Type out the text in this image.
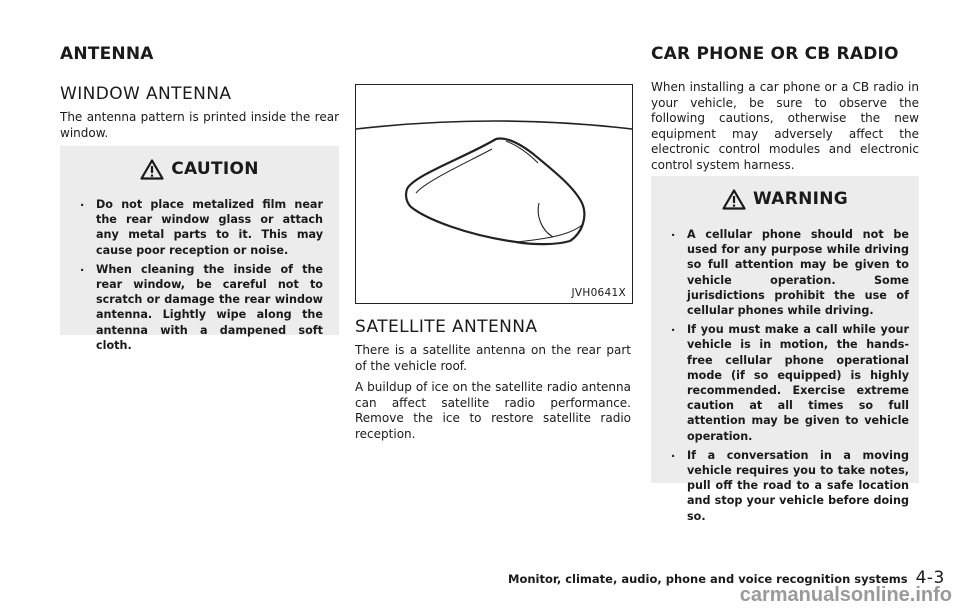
ANTENNA	CAR PHONE OR CB RADIO
WINDOW ANTENNA

The antenna pattern is printed inside the rear window.

CAUTION
. Do not place metalized film near the rear window glass or attach any metal parts to it. This may cause poor reception or noise.
. When cleaning the inside of the rear window, be careful not to scratch or damage the rear window antenna. Lightly wipe along the antenna with a dampened soft cloth.
JVH0641X
SATELLITE ANTENNA

There is a satellite antenna on the rear part of the vehicle roof.

A buildup of ice on the satellite radio antenna can affect satellite radio performance. Remove the ice to restore satellite radio reception.

When installing a car phone or a CB radio in your vehicle, be sure to observe the following cautions, otherwise the new equipment may adversely affect the electronic control modules and electronic control system harness.

WARNING
. A cellular phone should not be used for any purpose while driving so full attention may be given to vehicle operation. Some jurisdictions prohibit the use of cellular phones while driving.
. If you must make a call while your vehicle is in motion, the hands-free cellular phone operational mode (if so equipped) is highly recommended. Exercise extreme caution at all times so full attention may be given to vehicle operation.
. If a conversation in a moving vehicle requires you to take notes, pull off the road to a safe location and stop your vehicle before doing so.
Monitor, climate, audio, phone and voice recognition systems 4-3
carmanualsonline.info
